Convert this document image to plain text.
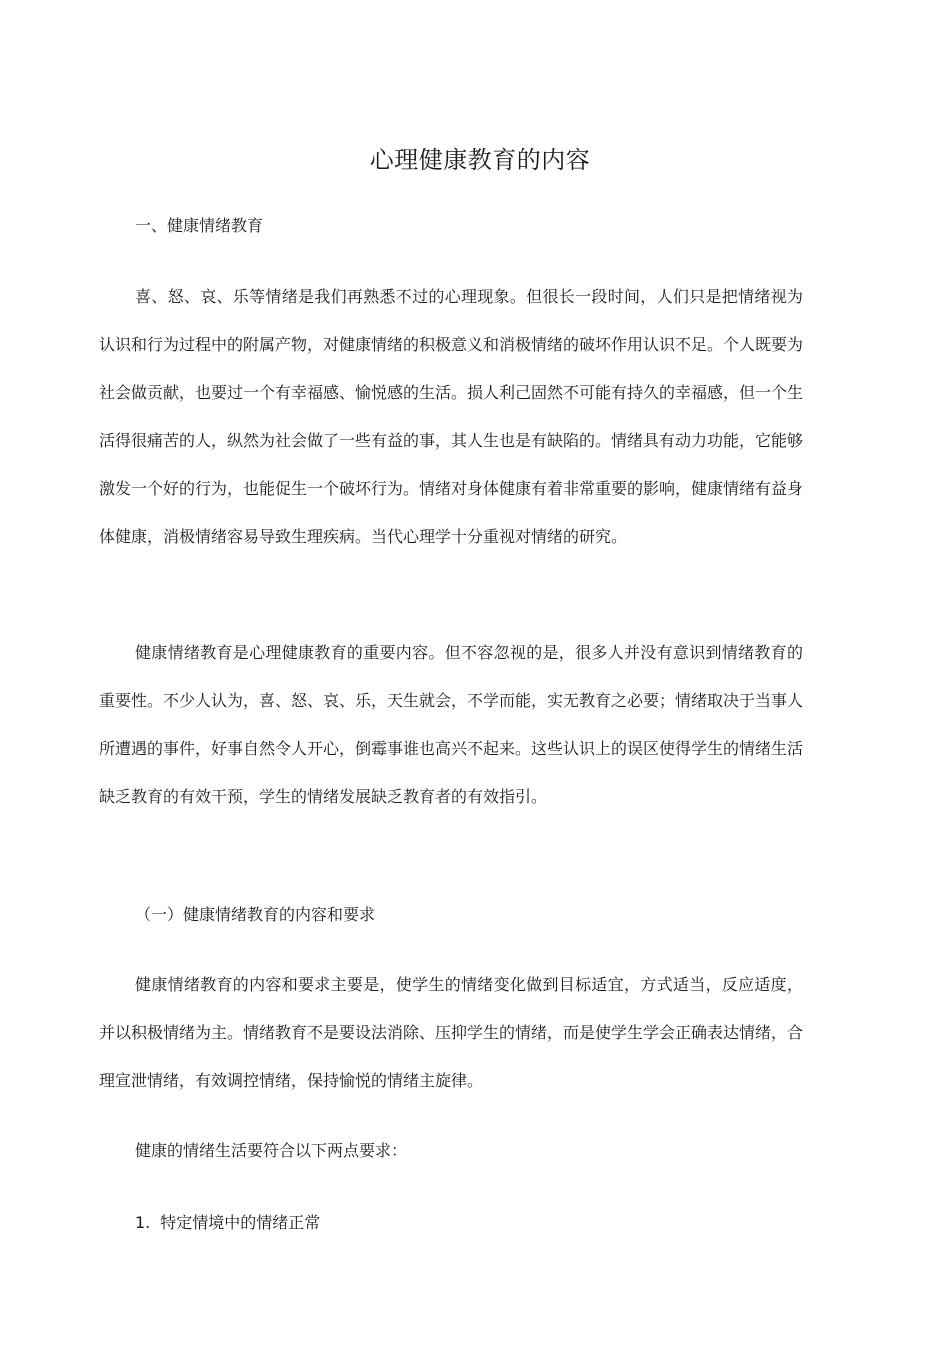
心理健康教育的内容

一、健康情绪教育

喜、怒、哀、乐等情绪是我们再熟悉不过的心理现象。但很长一段时间，人们只是把情绪视为认识和行为过程中的附属产物，对健康情绪的积极意义和消极情绪的破坏作用认识不足。个人既要为社会做贡献，也要过一个有幸福感、愉悦感的生活。损人利己固然不可能有持久的幸福感，但一个生活得很痛苦的人，纵然为社会做了一些有益的事，其人生也是有缺陷的。情绪具有动力功能，它能够激发一个好的行为，也能促生一个破坏行为。情绪对身体健康有着非常重要的影响，健康情绪有益身体健康，消极情绪容易导致生理疾病。当代心理学十分重视对情绪的研究。

健康情绪教育是心理健康教育的重要内容。但不容忽视的是，很多人并没有意识到情绪教育的重要性。不少人认为，喜、怒、哀、乐，天生就会，不学而能，实无教育之必要；情绪取决于当事人所遭遇的事件，好事自然令人开心，倒霉事谁也高兴不起来。这些认识上的误区使得学生的情绪生活缺乏教育的有效干预，学生的情绪发展缺乏教育者的有效指引。

（一）健康情绪教育的内容和要求

健康情绪教育的内容和要求主要是，使学生的情绪变化做到目标适宜，方式适当，反应适度，并以积极情绪为主。情绪教育不是要设法消除、压抑学生的情绪，而是使学生学会正确表达情绪，合理宣泄情绪，有效调控情绪，保持愉悦的情绪主旋律。

健康的情绪生活要符合以下两点要求：

1. 特定情境中的情绪正常
